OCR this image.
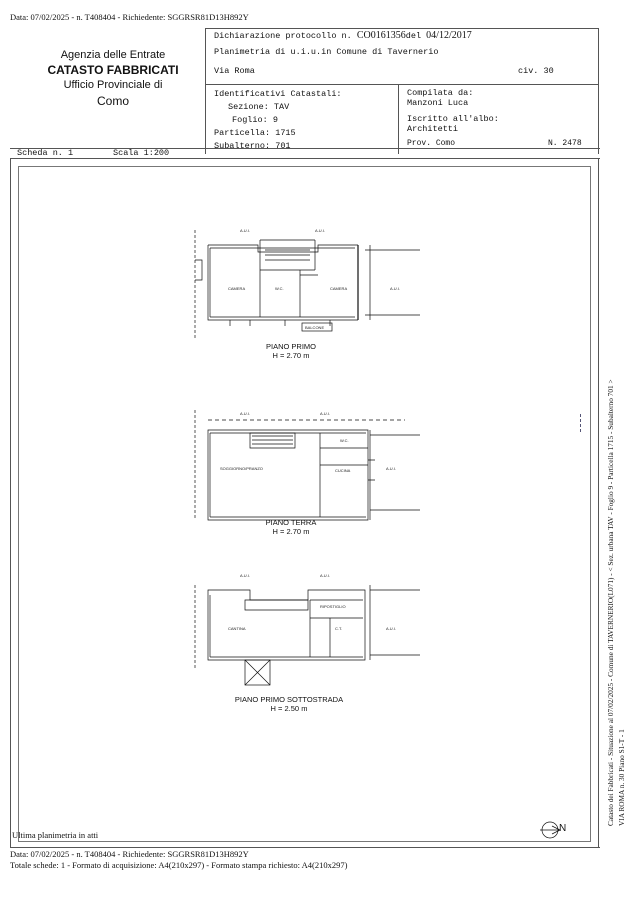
Data: 07/02/2025 - n. T408404 - Richiedente: SGGRSR81D13H892Y
Agenzia delle Entrate
CATASTO FABBRICATI
Ufficio Provinciale di
Como
Dichiarazione protocollo n. CO0161356del 04/12/2017
Planimetria di u.i.u.in Comune di Tavernerio
Via Roma	civ. 30
Identificativi Catastali:
Sezione: TAV
Foglio: 9
Particella: 1715
Subalterno: 701
Compilata da:
Manzoni Luca
Iscritto all'albo:
Architetti
Prov. Como	N. 2478
Scheda n. 1	Scala 1:200
CAMERA	W.C.	CAMERA
BALCONE
A.U.I.	A.U.I.
A.U.I.
SOGGIORNO/PRANZO	CUCINA
W.C.
A.U.I.	A.U.I.
A.U.I.
CANTINA
RIPOSTIGLIO
C.T.
A.U.I.	A.U.I.
A.U.I.
PIANO PRIMO
H = 2.70 m
PIANO TERRA
H = 2.70 m
PIANO PRIMO SOTTOSTRADA
H = 2.50 m
N
Ultima planimetria in atti
Data: 07/02/2025 - n. T408404 - Richiedente: SGGRSR81D13H892Y
Totale schede: 1 - Formato di acquisizione: A4(210x297) - Formato stampa richiesto: A4(210x297)
Catasto dei Fabbricati - Situazione al 07/02/2025 - Comune di TAVERNERIO(L071) - < Sez. urbana TAV - Foglio 9 - Particella 1715 - Subalterno 701 > VIA ROMA n. 30 Piano S1-T - 1
